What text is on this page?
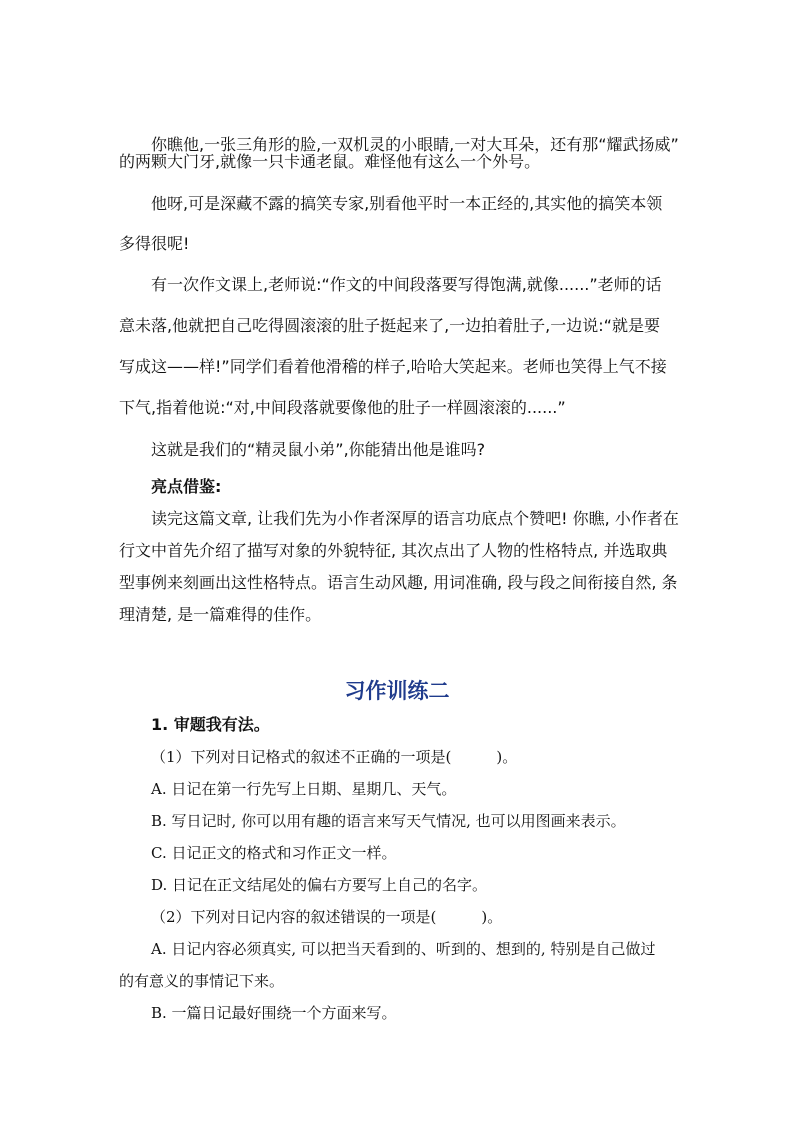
你瞧他,一张三角形的脸,一双机灵的小眼睛,一对大耳朵，还有那“耀武扬威”
的两颗大门牙,就像一只卡通老鼠。难怪他有这么一个外号。
他呀,可是深藏不露的搞笑专家,别看他平时一本正经的,其实他的搞笑本领
多得很呢!
有一次作文课上,老师说:“作文的中间段落要写得饱满,就像......”老师的话
意未落,他就把自己吃得圆滚滚的肚子挺起来了,一边拍着肚子,一边说:“就是要
写成这——样!”同学们看着他滑稽的样子,哈哈大笑起来。老师也笑得上气不接
下气,指着他说:“对,中间段落就要像他的肚子一样圆滚滚的......”
这就是我们的“精灵鼠小弟”,你能猜出他是谁吗?
亮点借鉴:
读完这篇文章, 让我们先为小作者深厚的语言功底点个赞吧! 你瞧, 小作者在
行文中首先介绍了描写对象的外貌特征, 其次点出了人物的性格特点, 并选取典
型事例来刻画出这性格特点。语言生动风趣, 用词准确, 段与段之间衔接自然, 条
理清楚, 是一篇难得的佳作。
习作训练二
1. 审题我有法。
（1）下列对日记格式的叙述不正确的一项是(　　　)。
A. 日记在第一行先写上日期、星期几、天气。
B. 写日记时, 你可以用有趣的语言来写天气情况, 也可以用图画来表示。
C. 日记正文的格式和习作正文一样。
D. 日记在正文结尾处的偏右方要写上自己的名字。
（2）下列对日记内容的叙述错误的一项是(　　　)。
A. 日记内容必须真实, 可以把当天看到的、听到的、想到的, 特别是自己做过
的有意义的事情记下来。
B. 一篇日记最好围绕一个方面来写。
